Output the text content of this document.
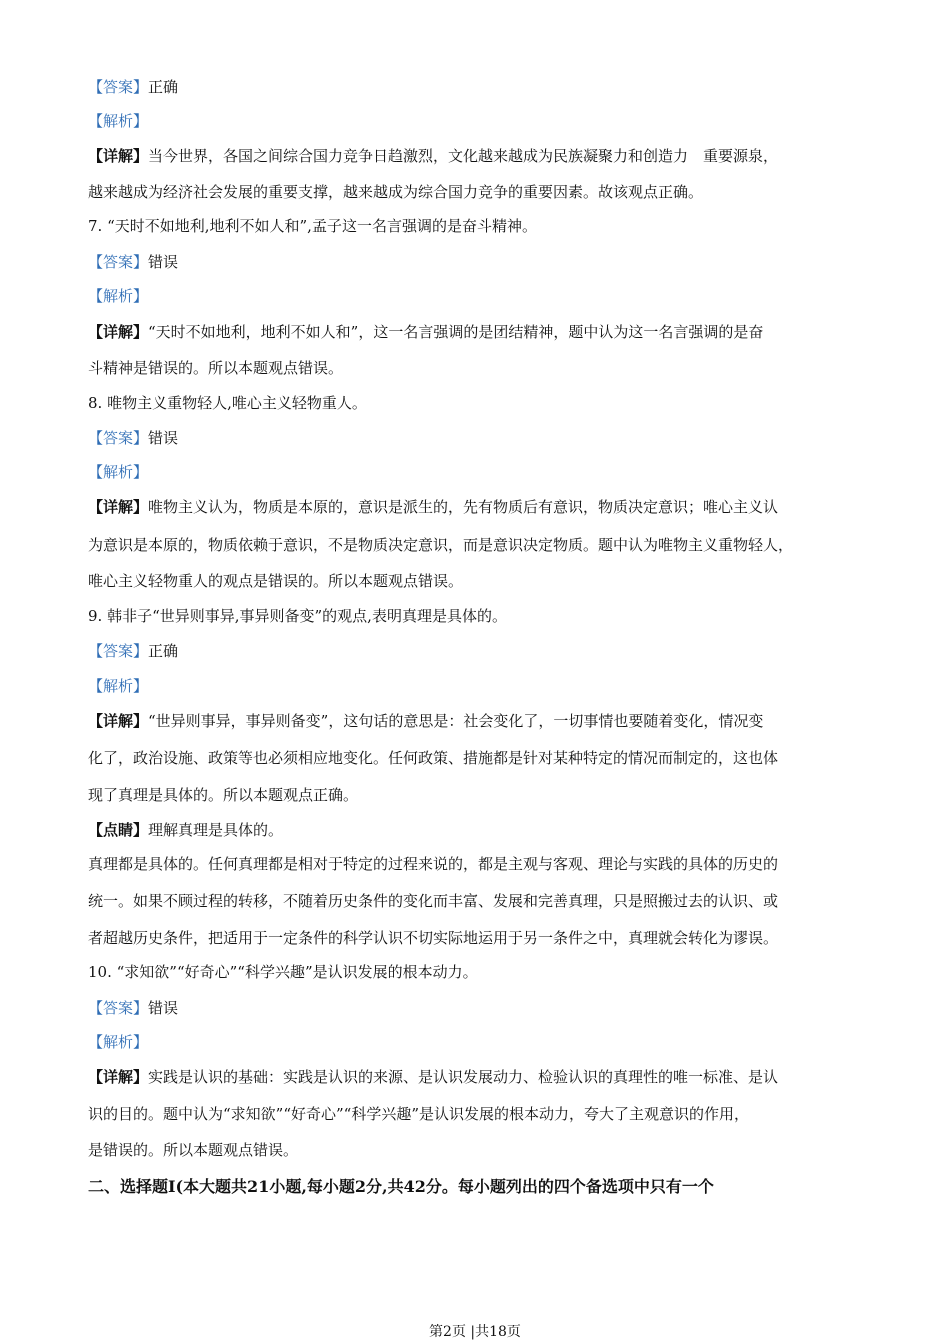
【答案】正确
【解析】
【详解】当今世界，各国之间综合国力竞争日趋激烈，文化越来越成为民族凝聚力和创造力　重要源泉，
越来越成为经济社会发展的重要支撑，越来越成为综合国力竞争的重要因素。故该观点正确。
7. “天时不如地利,地利不如人和”,孟子这一名言强调的是奋斗精神。
【答案】错误
【解析】
【详解】“天时不如地利，地利不如人和”，这一名言强调的是团结精神，题中认为这一名言强调的是奋
斗精神是错误的。所以本题观点错误。
8. 唯物主义重物轻人,唯心主义轻物重人。
【答案】错误
【解析】
【详解】唯物主义认为，物质是本原的，意识是派生的，先有物质后有意识，物质决定意识；唯心主义认
为意识是本原的，物质依赖于意识，不是物质决定意识，而是意识决定物质。题中认为唯物主义重物轻人，
唯心主义轻物重人的观点是错误的。所以本题观点错误。
9. 韩非子“世异则事异,事异则备变”的观点,表明真理是具体的。
【答案】正确
【解析】
【详解】“世异则事异，事异则备变”，这句话的意思是：社会变化了，一切事情也要随着变化，情况变
化了，政治设施、政策等也必须相应地变化。任何政策、措施都是针对某种特定的情况而制定的，这也体
现了真理是具体的。所以本题观点正确。
【点睛】理解真理是具体的。
真理都是具体的。任何真理都是相对于特定的过程来说的，都是主观与客观、理论与实践的具体的历史的
统一。如果不顾过程的转移，不随着历史条件的变化而丰富、发展和完善真理，只是照搬过去的认识、或
者超越历史条件，把适用于一定条件的科学认识不切实际地运用于另一条件之中，真理就会转化为谬误。
10. “求知欲”“好奇心”“科学兴趣”是认识发展的根本动力。
【答案】错误
【解析】
【详解】实践是认识的基础：实践是认识的来源、是认识发展动力、检验认识的真理性的唯一标准、是认
识的目的。题中认为“求知欲”“好奇心”“科学兴趣”是认识发展的根本动力，夸大了主观意识的作用，
是错误的。所以本题观点错误。
二、选择题Ⅰ(本大题共21小题,每小题2分,共42分。每小题列出的四个备选项中只有一个
第2页 |共18页
